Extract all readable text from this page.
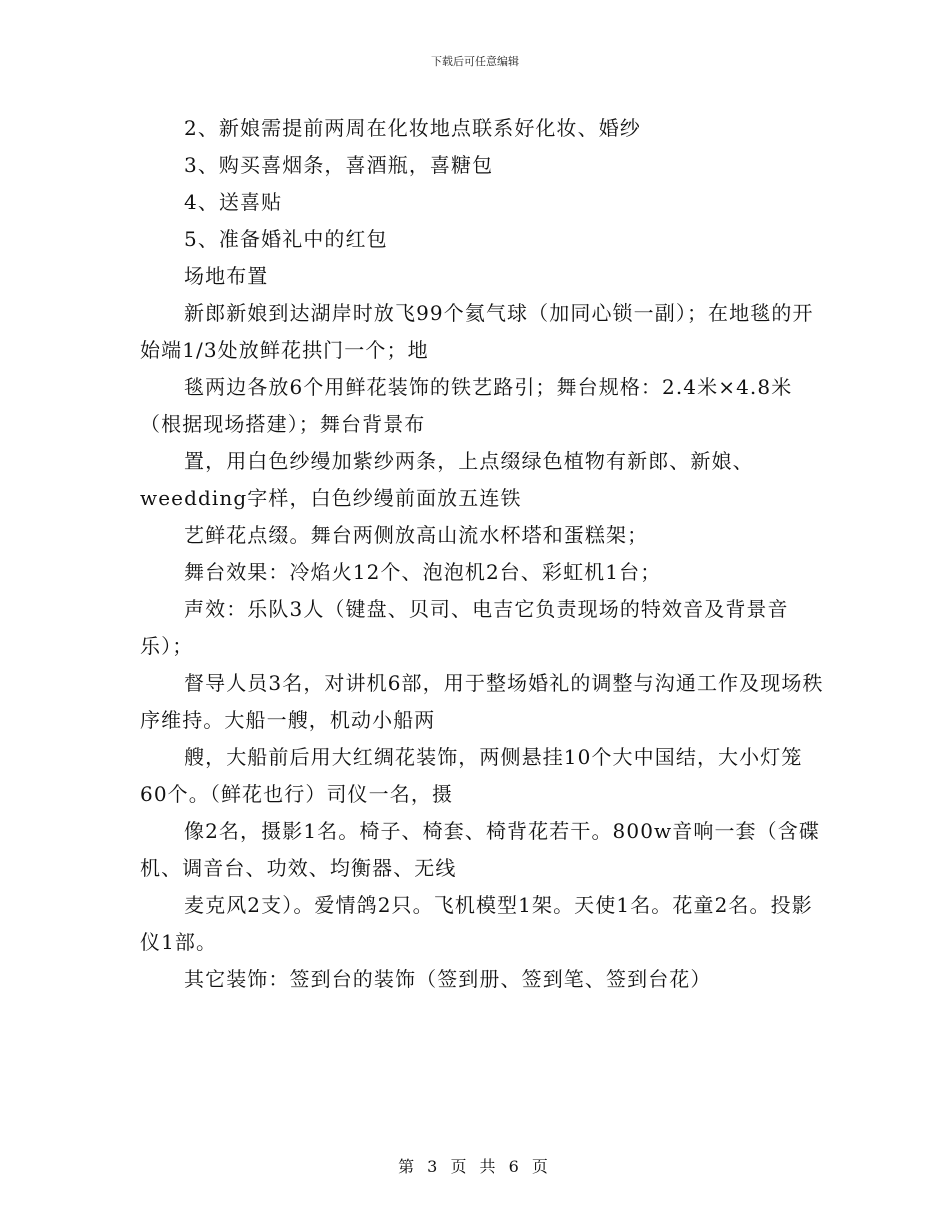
下载后可任意编辑

2、新娘需提前两周在化妆地点联系好化妆、婚纱

3、购买喜烟条，喜酒瓶，喜糖包

4、送喜贴

5、准备婚礼中的红包

场地布置

新郎新娘到达湖岸时放飞99个氦气球（加同心锁一副）；在地毯的开始端1/3处放鲜花拱门一个；地

毯两边各放6个用鲜花装饰的铁艺路引；舞台规格：2.4米×4.8米（根据现场搭建）；舞台背景布

置，用白色纱缦加紫纱两条，上点缀绿色植物有新郎、新娘、weedding字样，白色纱缦前面放五连铁

艺鲜花点缀。舞台两侧放高山流水杯塔和蛋糕架；

舞台效果：冷焰火12个、泡泡机2台、彩虹机1台；

声效：乐队3人（键盘、贝司、电吉它负责现场的特效音及背景音乐）；

督导人员3名，对讲机6部，用于整场婚礼的调整与沟通工作及现场秩序维持。大船一艘，机动小船两

艘，大船前后用大红绸花装饰，两侧悬挂10个大中国结，大小灯笼60个。（鲜花也行）司仪一名，摄

像2名，摄影1名。椅子、椅套、椅背花若干。800w音响一套（含碟机、调音台、功效、均衡器、无线

麦克风2支）。爱情鸽2只。飞机模型1架。天使1名。花童2名。投影仪1部。

其它装饰：签到台的装饰（签到册、签到笔、签到台花）

第 3 页 共 6 页
